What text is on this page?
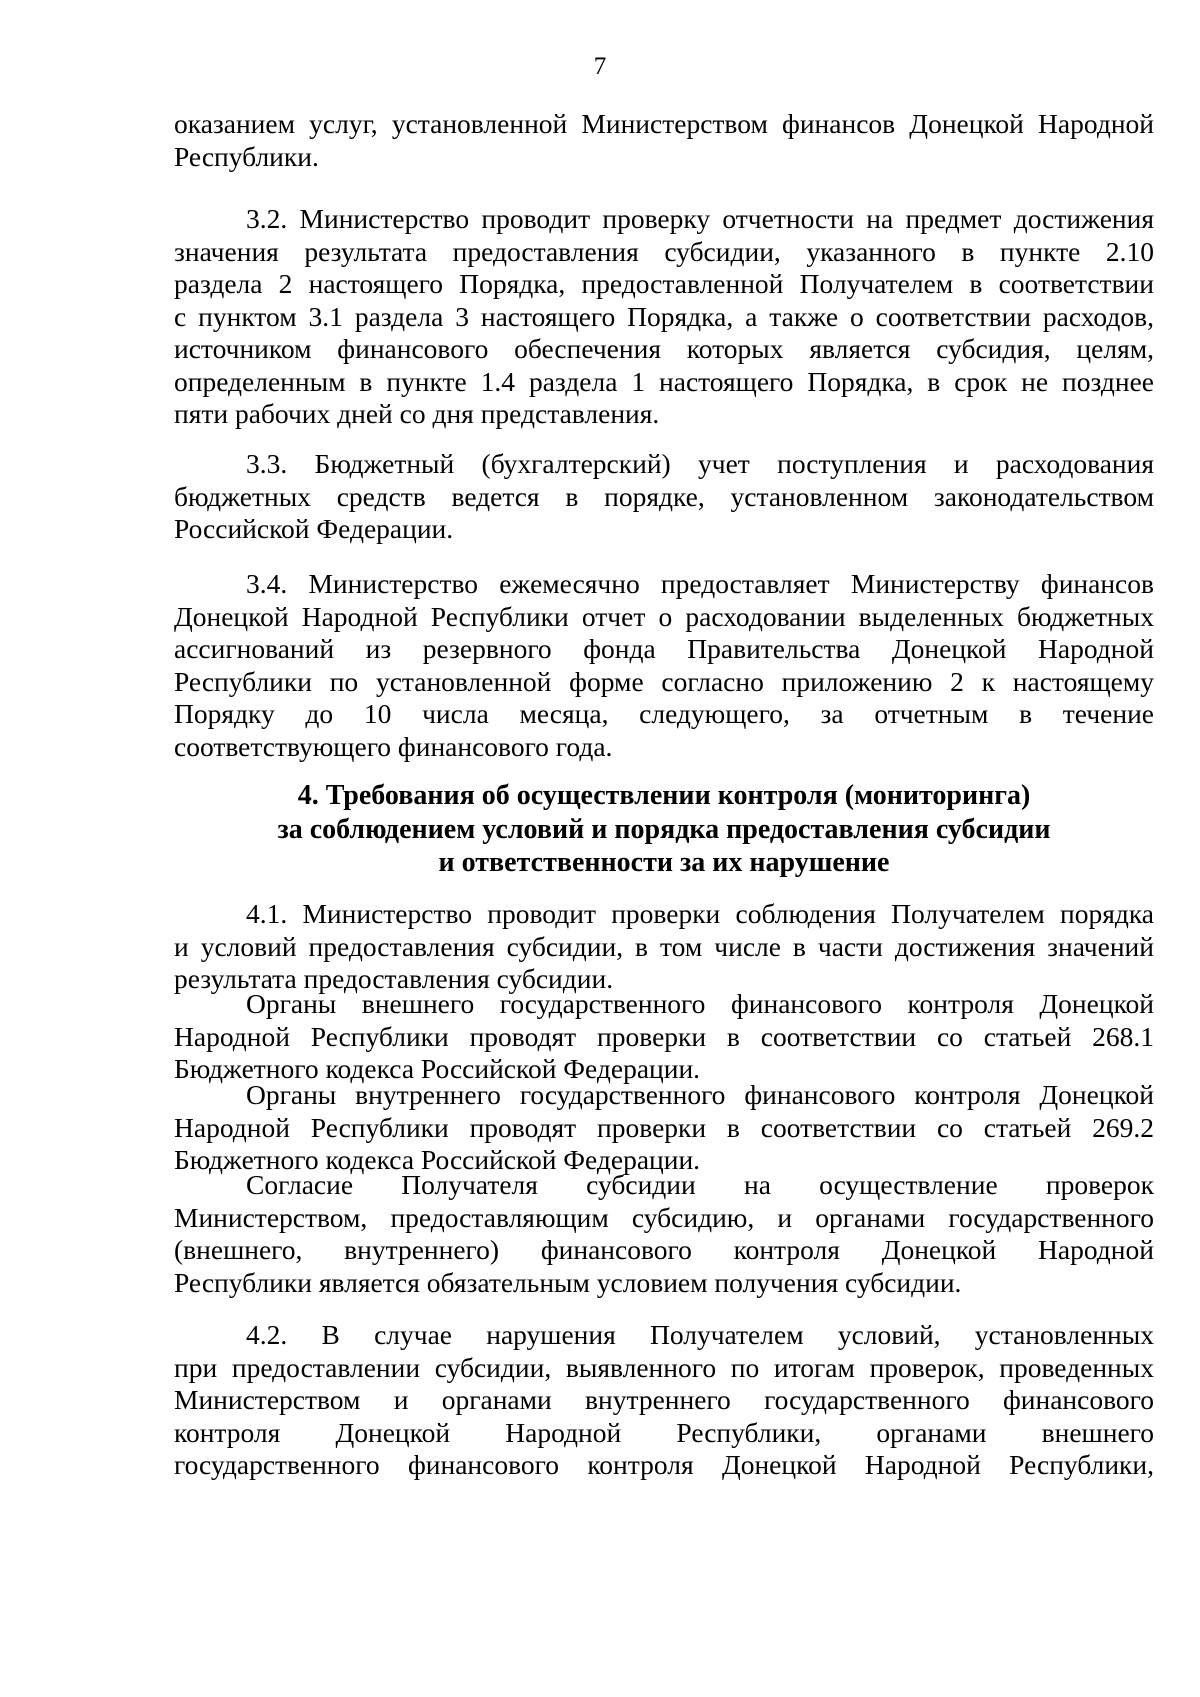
7
оказанием услуг, установленной Министерством финансов Донецкой Народной
Республики.
3.2. Министерство проводит проверку отчетности на предмет достижения
значения результата предоставления субсидии, указанного в пункте 2.10
раздела 2 настоящего Порядка, предоставленной Получателем в соответствии
с пунктом 3.1 раздела 3 настоящего Порядка, а также о соответствии расходов,
источником финансового обеспечения которых является субсидия, целям,
определенным в пункте 1.4 раздела 1 настоящего Порядка, в срок не позднее
пяти рабочих дней со дня представления.
3.3. Бюджетный (бухгалтерский) учет поступления и расходования
бюджетных средств ведется в порядке, установленном законодательством
Российской Федерации.
3.4. Министерство ежемесячно предоставляет Министерству финансов
Донецкой Народной Республики отчет о расходовании выделенных бюджетных
ассигнований из резервного фонда Правительства Донецкой Народной
Республики по установленной форме согласно приложению 2 к настоящему
Порядку до 10 числа месяца, следующего, за отчетным в течение
соответствующего финансового года.
4. Требования об осуществлении контроля (мониторинга)
за соблюдением условий и порядка предоставления субсидии
и ответственности за их нарушение
4.1. Министерство проводит проверки соблюдения Получателем порядка
и условий предоставления субсидии, в том числе в части достижения значений
результата предоставления субсидии.
Органы внешнего государственного финансового контроля Донецкой
Народной Республики проводят проверки в соответствии со статьей 268.1
Бюджетного кодекса Российской Федерации.
Органы внутреннего государственного финансового контроля Донецкой
Народной Республики проводят проверки в соответствии со статьей 269.2
Бюджетного кодекса Российской Федерации.
Согласие Получателя субсидии на осуществление проверок
Министерством, предоставляющим субсидию, и органами государственного
(внешнего, внутреннего) финансового контроля Донецкой Народной
Республики является обязательным условием получения субсидии.
4.2. В случае нарушения Получателем условий, установленных
при предоставлении субсидии, выявленного по итогам проверок, проведенных
Министерством и органами внутреннего государственного финансового
контроля Донецкой Народной Республики, органами внешнего
государственного финансового контроля Донецкой Народной Республики,
